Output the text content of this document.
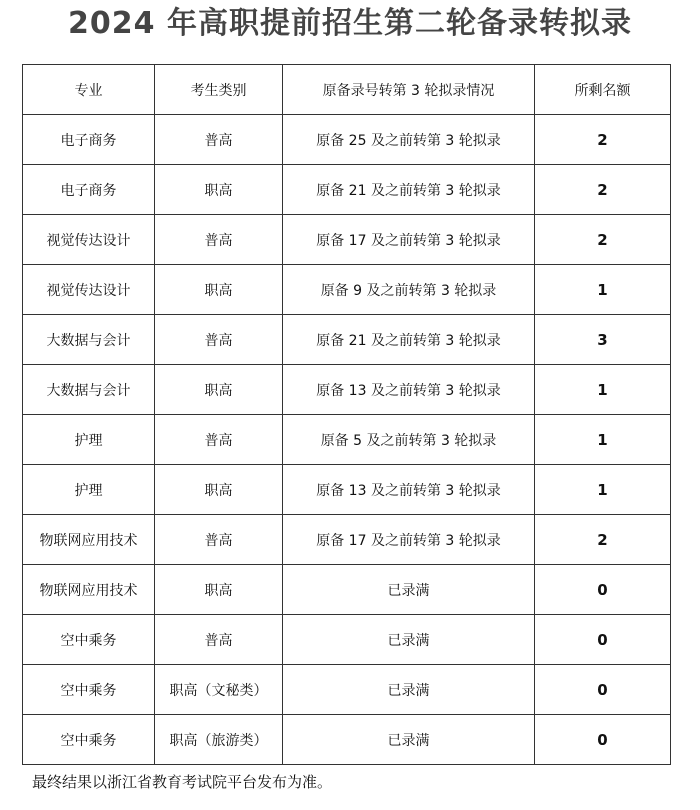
2024 年高职提前招生第二轮备录转拟录
专业	考生类别	原备录号转第 3 轮拟录情况	所剩名额
电子商务	普高	原备 25 及之前转第 3 轮拟录	2
电子商务	职高	原备 21 及之前转第 3 轮拟录	2
视觉传达设计	普高	原备 17 及之前转第 3 轮拟录	2
视觉传达设计	职高	原备 9 及之前转第 3 轮拟录	1
大数据与会计	普高	原备 21 及之前转第 3 轮拟录	3
大数据与会计	职高	原备 13 及之前转第 3 轮拟录	1
护理	普高	原备 5 及之前转第 3 轮拟录	1
护理	职高	原备 13 及之前转第 3 轮拟录	1
物联网应用技术	普高	原备 17 及之前转第 3 轮拟录	2
物联网应用技术	职高	已录满	0
空中乘务	普高	已录满	0
空中乘务	职高（文秘类）	已录满	0
空中乘务	职高（旅游类）	已录满	0
最终结果以浙江省教育考试院平台发布为准。
